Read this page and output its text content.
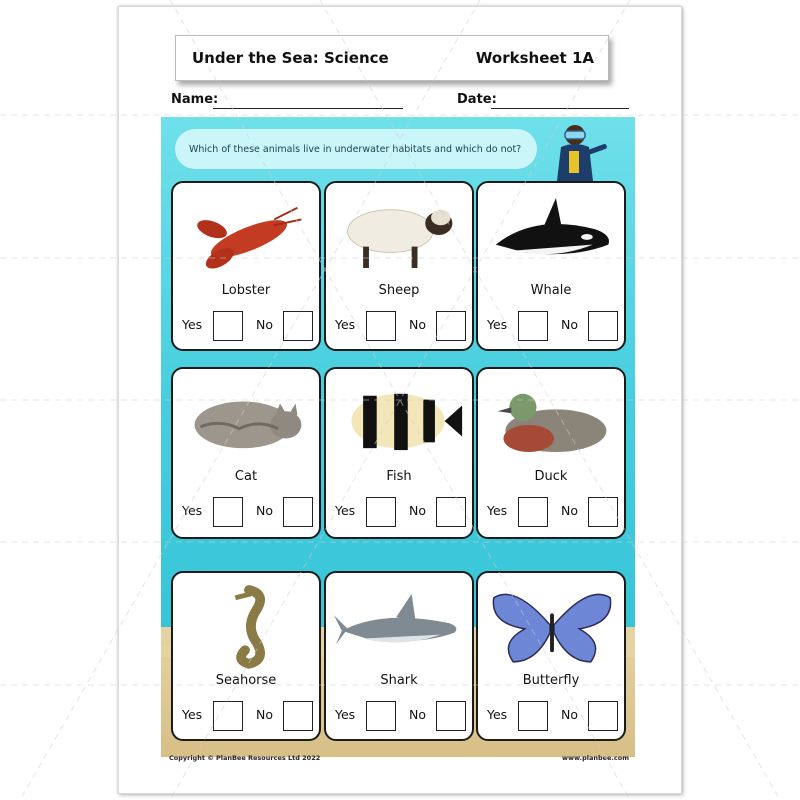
Under the Sea: Science	Worksheet 1A
Name:	Date:
Which of these animals live in underwater habitats and which do not?
Lobster
Yes	No
Sheep
Yes	No
Whale
Yes	No
Cat
Yes	No
Fish
Yes	No
Duck
Yes	No
Seahorse
Yes	No
Shark
Yes	No
Butterfly
Yes	No
Copyright © PlanBee Resources Ltd 2022	www.planbee.com
